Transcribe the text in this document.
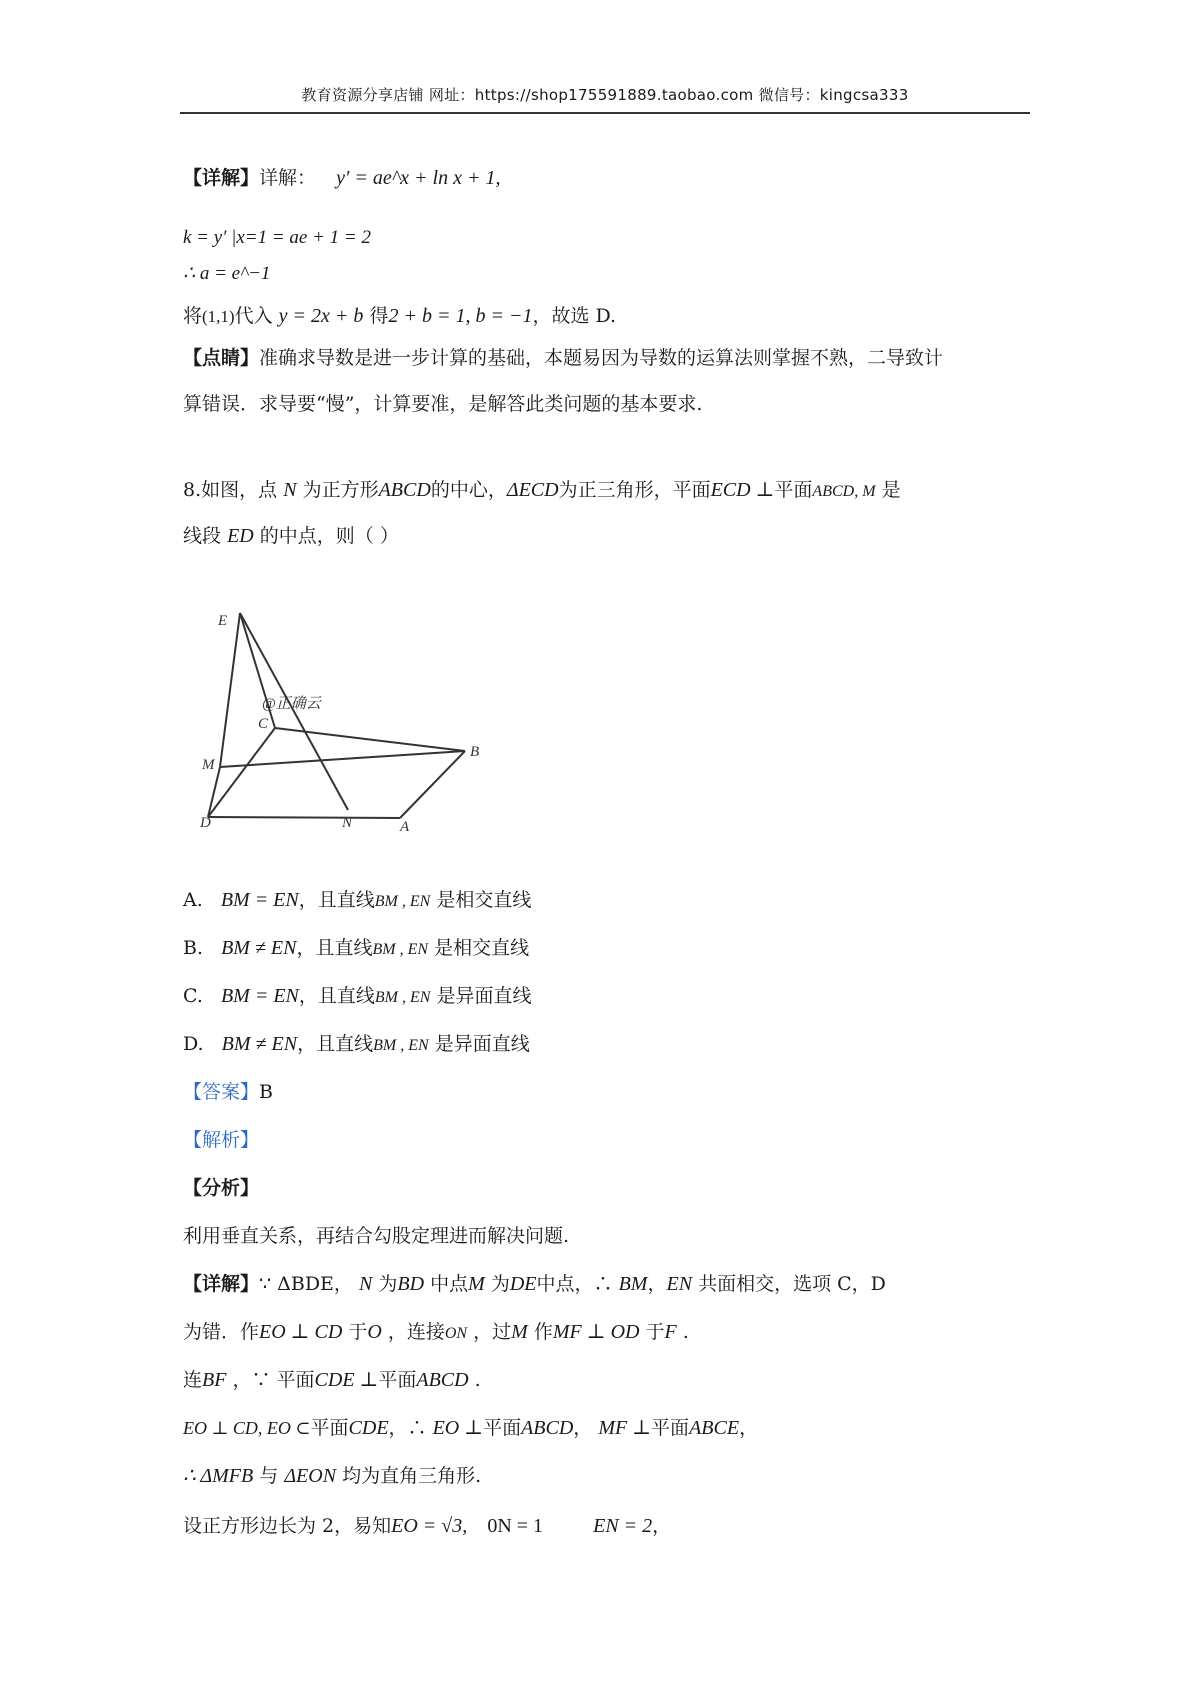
教育资源分享店铺 网址：https://shop175591889.taobao.com 微信号：kingcsa333
【详解】详解： y′ = ae^x + ln x + 1,
k = y′ |x=1 = ae + 1 = 2
∴ a = e^−1
将(1,1)代入 y = 2x + b 得2 + b = 1, b = −1，故选 D.
【点睛】准确求导数是进一步计算的基础，本题易因为导数的运算法则掌握不熟，二导致计
算错误．求导要“慢”，计算要准，是解答此类问题的基本要求.
8.如图，点 N 为正方形ABCD的中心，ΔECD为正三角形，平面ECD ⊥平面ABCD, M 是
线段 ED 的中点，则（ ）
E
M
C
B
N
D	A
@正确云
A. BM = EN，且直线BM , EN 是相交直线
B. BM ≠ EN，且直线BM , EN 是相交直线
C. BM = EN，且直线BM , EN 是异面直线
D. BM ≠ EN，且直线BM , EN 是异面直线
【答案】B
【解析】
【分析】
利用垂直关系，再结合勾股定理进而解决问题.
【详解】∵ ΔBDE， N 为BD 中点M 为DE中点，∴ BM，EN 共面相交，选项 C，D
为错．作EO ⊥ CD 于O ，连接ON ，过M 作MF ⊥ OD 于F .
连BF ，∵ 平面CDE ⊥平面ABCD .
EO ⊥ CD, EO ⊂平面CDE，∴ EO ⊥平面ABCD， MF ⊥平面ABCE，
∴ ΔMFB 与 ΔEON 均为直角三角形.
设正方形边长为 2，易知EO = √3, 0N = 1	EN = 2，
